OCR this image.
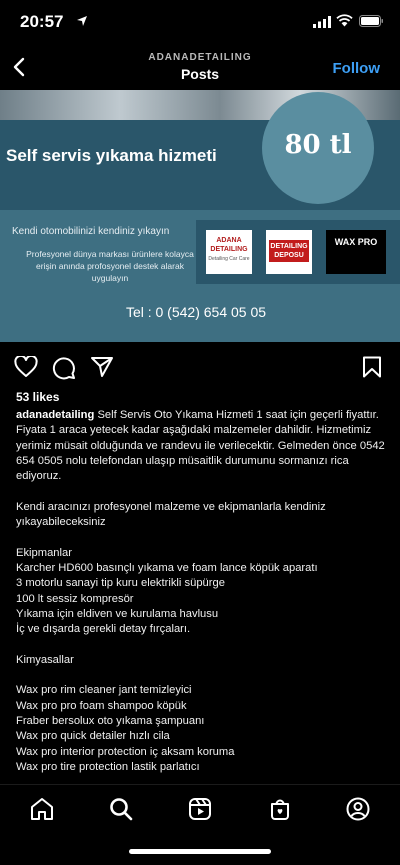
20:57
ADANADETAILING
Posts	Follow
Self servis yıkama hizmeti	80 tl
Kendi otomobilinizi kendiniz yıkayın
Profesyonel dünya markası ürünlere kolayca erişin anında profosyonel destek alarak uygulayın
ADANA DETAILING
Detailing Car Care
DETAILING DEPOSU
WAX PRO
Tel : 0 (542) 654 05 05
53 likes

adanadetailing Self Servis Oto Yıkama Hizmeti 1 saat için geçerli fiyattır. Fiyata 1 araca yetecek kadar aşağıdaki malzemeler dahildir. Hizmetimiz yerimiz müsait olduğunda ve randevu ile verilecektir. Gelmeden önce 0542 654 0505 nolu telefondan ulaşıp müsaitlik durumunu sormanızı rica ediyoruz.

Kendi aracınızı profesyonel malzeme ve ekipmanlarla kendiniz yıkayabileceksiniz

Ekipmanlar

Karcher HD600 basınçlı yıkama ve foam lance köpük aparatı

3 motorlu sanayi tip kuru elektrikli süpürge

100 lt sessiz kompresör

Yıkama için eldiven ve kurulama havlusu

İç ve dışarda gerekli detay fırçaları.

Kimyasallar

Wax pro rim cleaner jant temizleyici

Wax pro pro foam shampoo köpük

Fraber bersolux oto yıkama şampuanı

Wax pro quick detailer hızlı cila

Wax pro interior protection iç aksam koruma

Wax pro tire protection lastik parlatıcı
